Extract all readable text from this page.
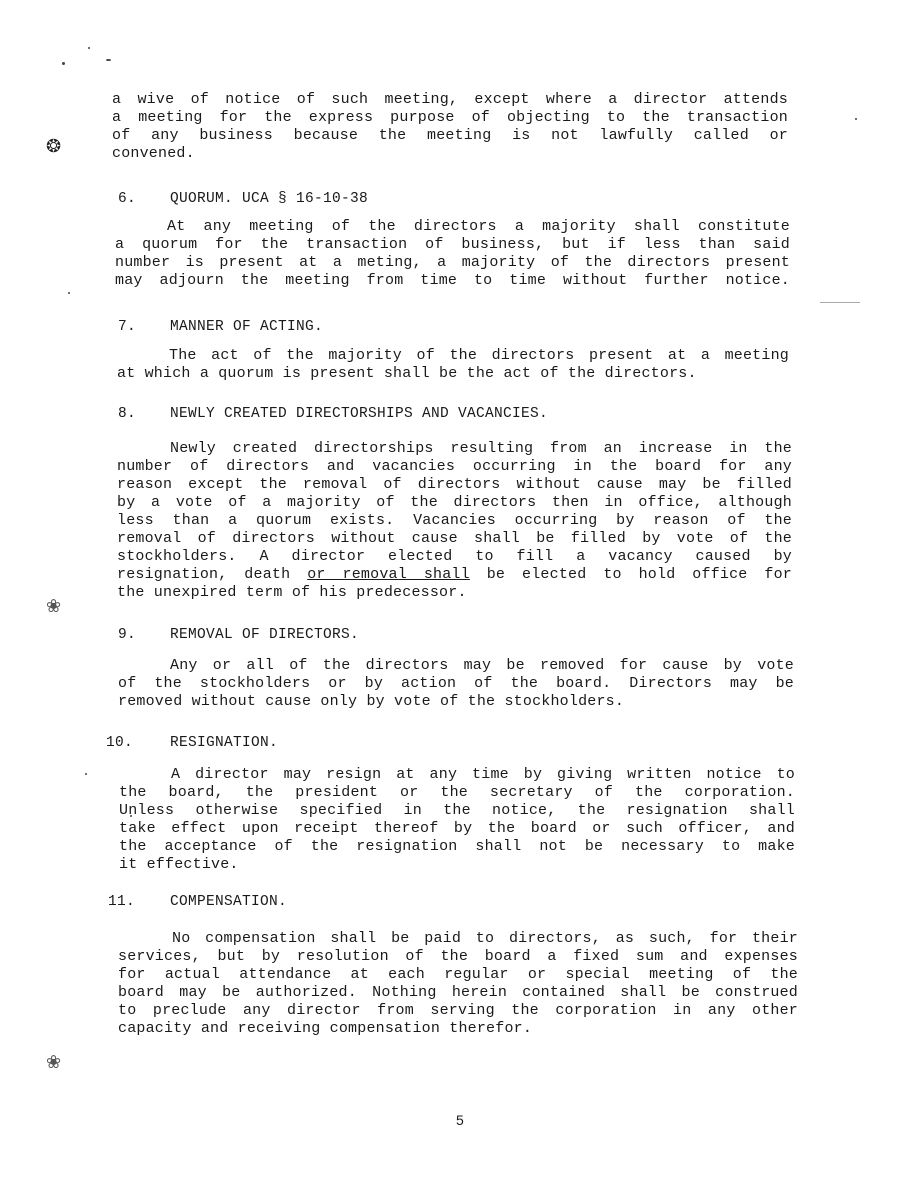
❂
❀
❀
a wive of notice of such meeting, except where a director attends
a meeting for the express purpose of objecting to the transaction
of any business because the meeting is not lawfully called or
convened.
6. QUORUM. UCA § 16-10-38
At any meeting of the directors a majority shall constitute
a quorum for the transaction of business, but if less than said
number is present at a meting, a majority of the directors present
may adjourn the meeting from time to time without further notice.
7. MANNER OF ACTING.
The act of the majority of the directors present at a meeting
at which a quorum is present shall be the act of the directors.
8. NEWLY CREATED DIRECTORSHIPS AND VACANCIES.
Newly created directorships resulting from an increase in the
number of directors and vacancies occurring in the board for any
reason except the removal of directors without cause may be filled
by a vote of a majority of the directors then in office, although
less than a quorum exists. Vacancies occurring by reason of the
removal of directors without cause shall be filled by vote of the
stockholders. A director elected to fill a vacancy caused by
resignation, death or removal shall be elected to hold office for
the unexpired term of his predecessor.
9. REMOVAL OF DIRECTORS.
Any or all of the directors may be removed for cause by vote
of the stockholders or by action of the board. Directors may be
removed without cause only by vote of the stockholders.
10.	RESIGNATION.
A director may resign at any time by giving written notice to
the board, the president or the secretary of the corporation.
Unless otherwise specified in the notice, the resignation shall
take effect upon receipt thereof by the board or such officer, and
the acceptance of the resignation shall not be necessary to make
it effective.
11. COMPENSATION.
No compensation shall be paid to directors, as such, for their
services, but by resolution of the board a fixed sum and expenses
for actual attendance at each regular or special meeting of the
board may be authorized. Nothing herein contained shall be construed
to preclude any director from serving the corporation in any other
capacity and receiving compensation therefor.
5
